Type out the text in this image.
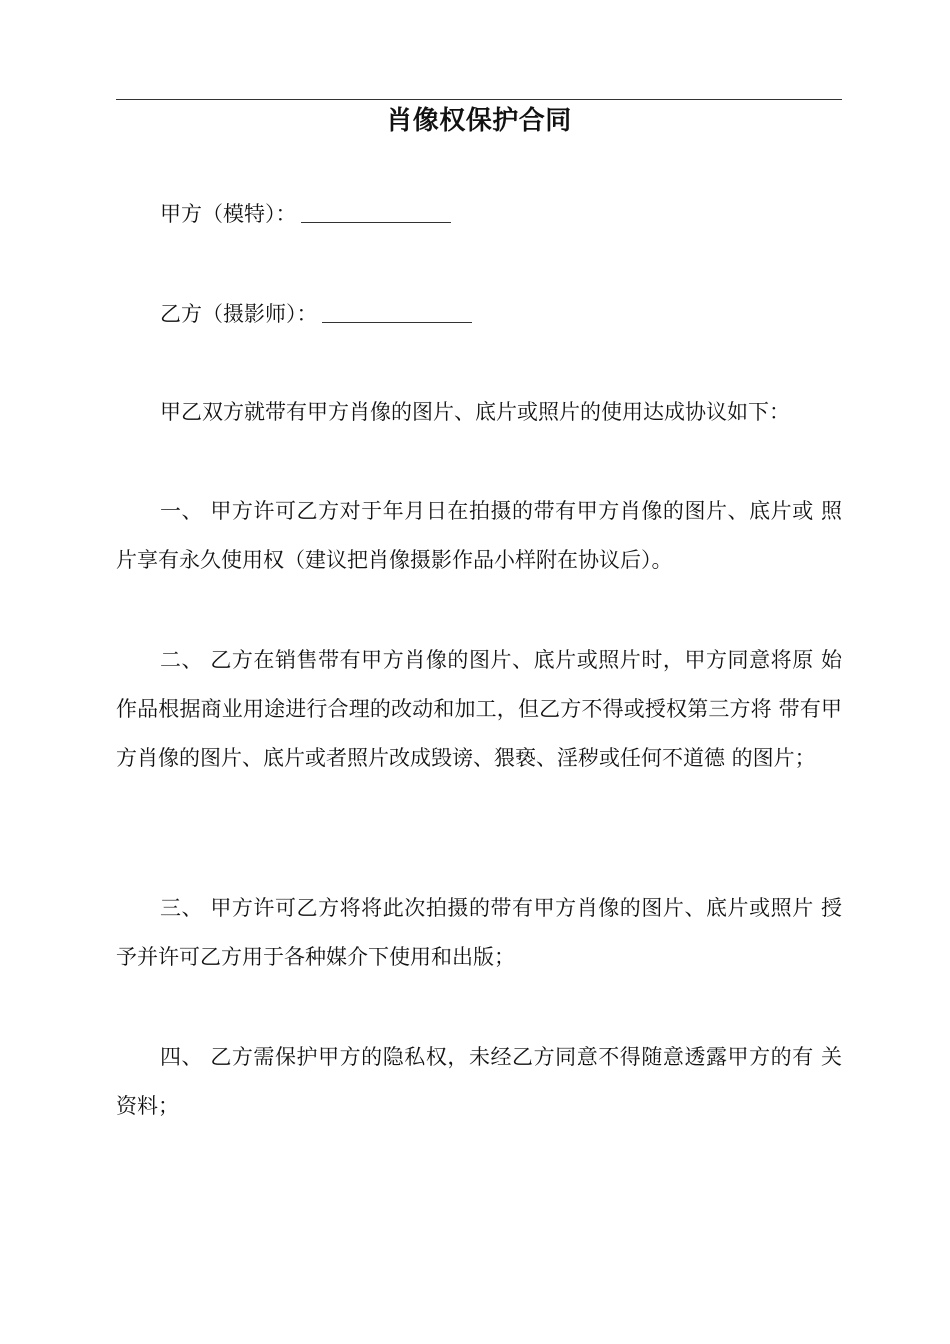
肖像权保护合同

甲方（模特）：

乙方（摄影师）：

甲乙双方就带有甲方肖像的图片、底片或照片的使用达成协议如下：

一、 甲方许可乙方对于年月日在拍摄的带有甲方肖像的图片、底片或 照片享有永久使用权（建议把肖像摄影作品小样附在协议后）。

二、 乙方在销售带有甲方肖像的图片、底片或照片时，甲方同意将原 始作品根据商业用途进行合理的改动和加工，但乙方不得或授权第三方将 带有甲方肖像的图片、底片或者照片改成毁谤、猥亵、淫秽或任何不道德 的图片；

三、 甲方许可乙方将将此次拍摄的带有甲方肖像的图片、底片或照片 授予并许可乙方用于各种媒介下使用和出版；

四、 乙方需保护甲方的隐私权，未经乙方同意不得随意透露甲方的有 关资料；
